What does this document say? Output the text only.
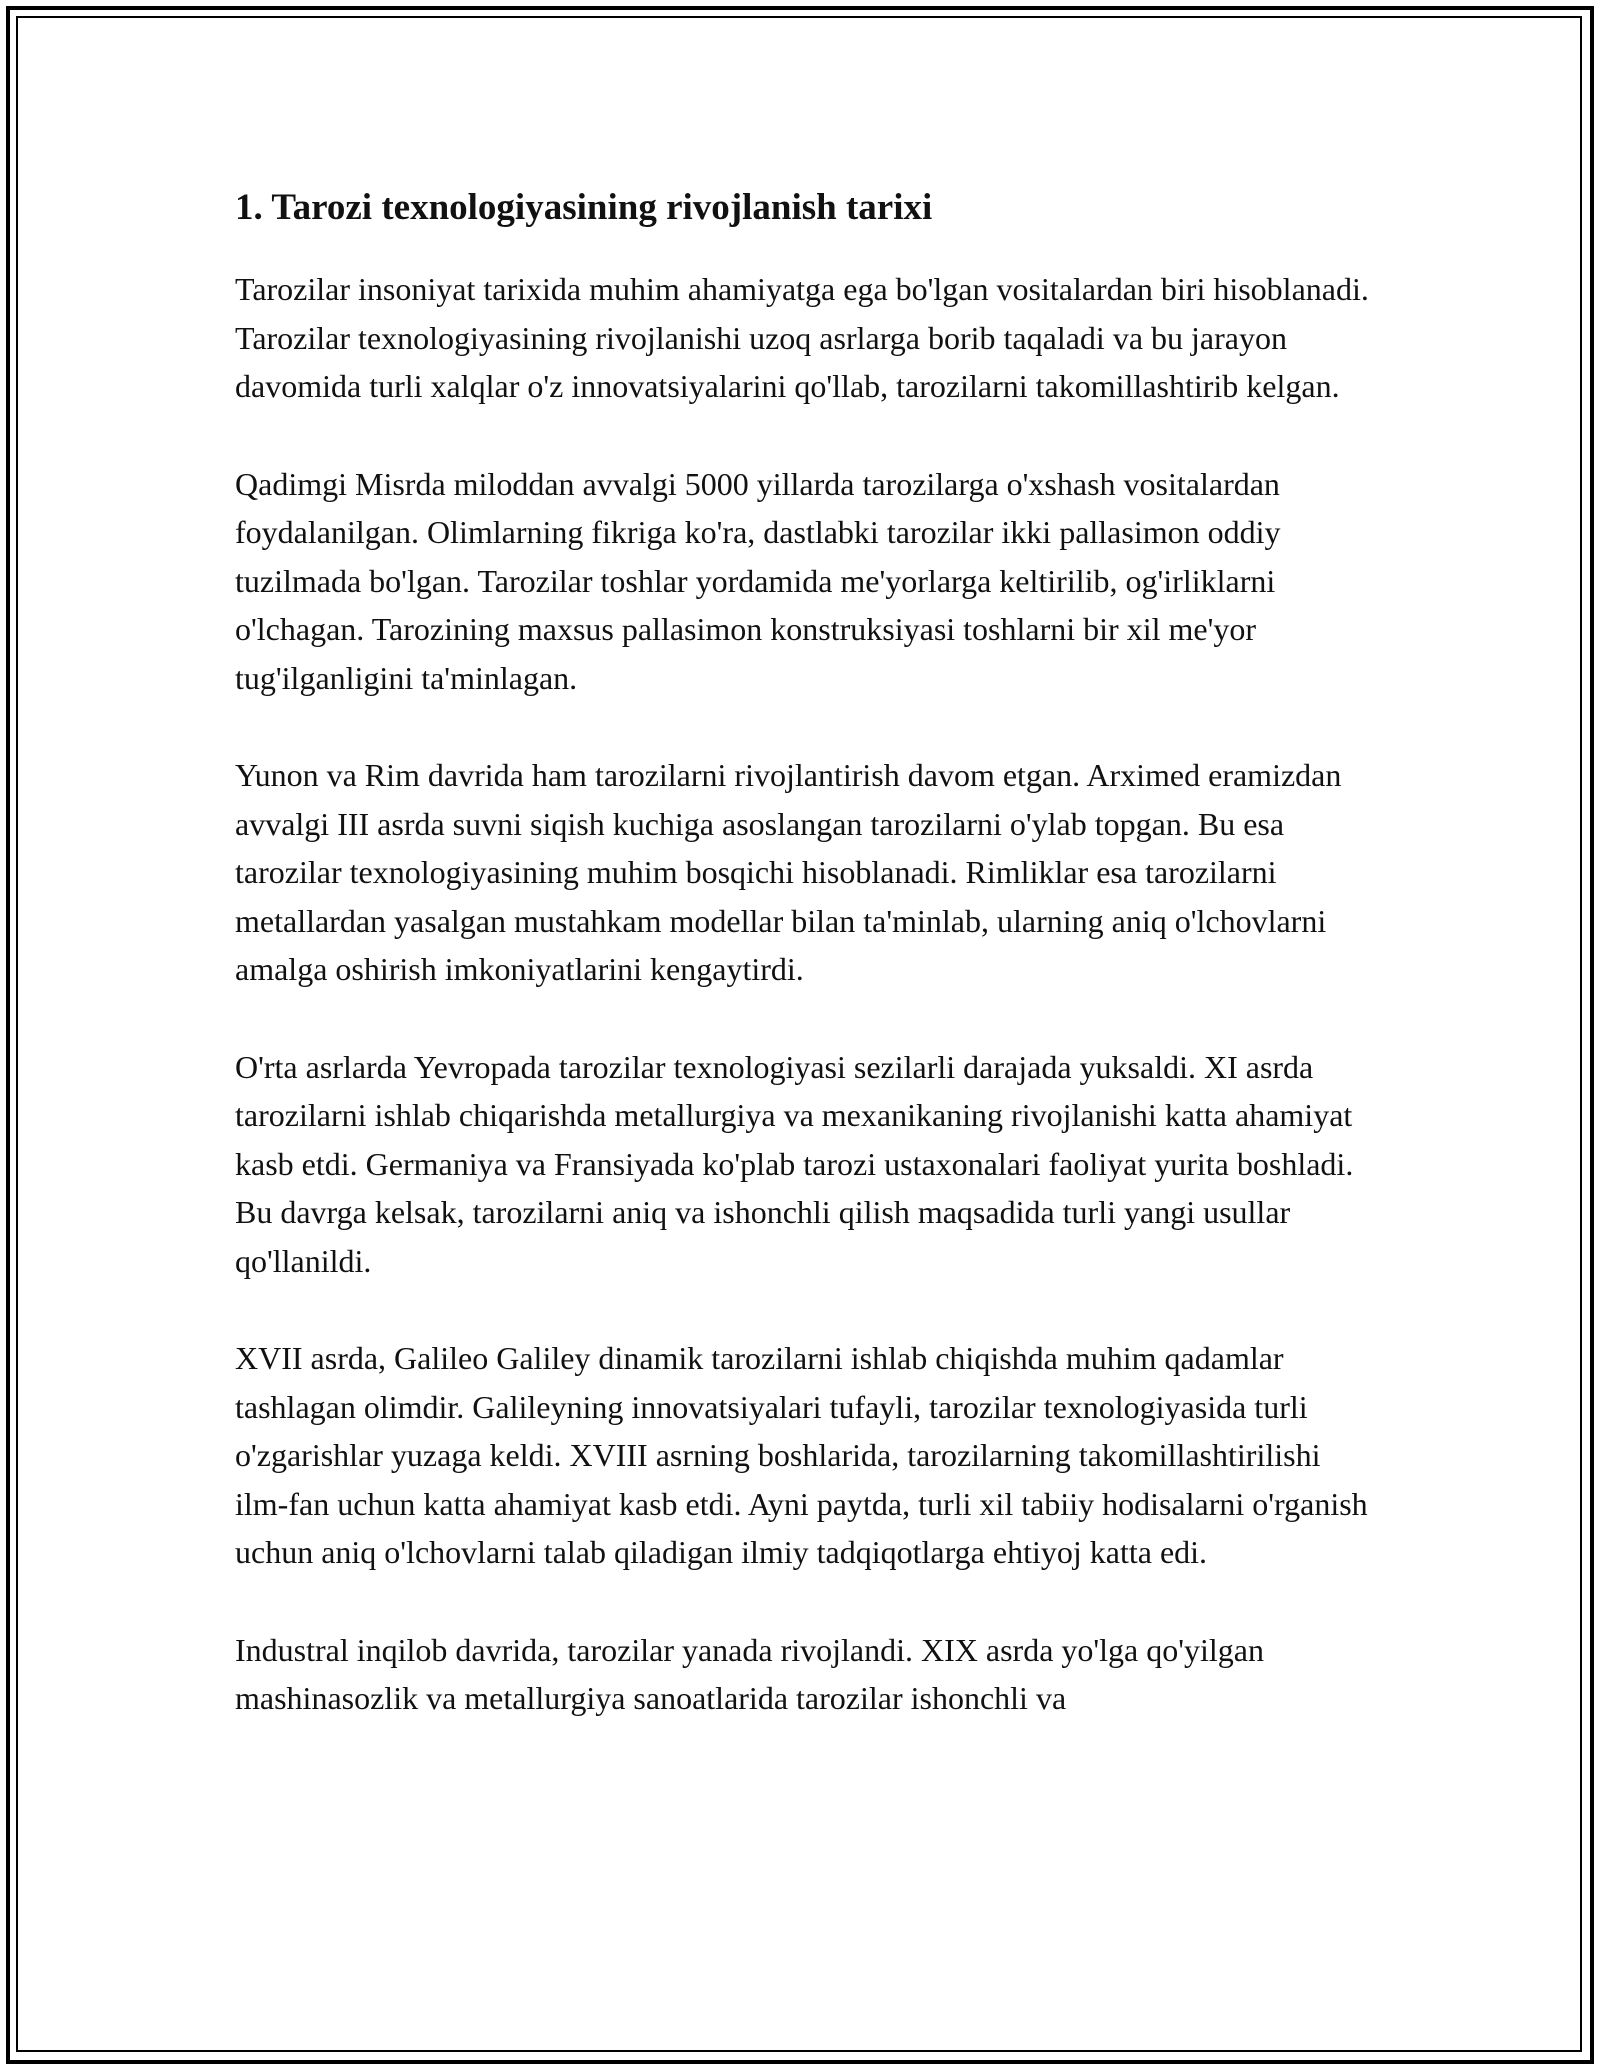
1. Tarozi texnologiyasining rivojlanish tarixi

Tarozilar insoniyat tarixida muhim ahamiyatga ega bo'lgan vositalardan biri hisoblanadi. Tarozilar texnologiyasining rivojlanishi uzoq asrlarga borib taqaladi va bu jarayon davomida turli xalqlar o'z innovatsiyalarini qo'llab, tarozilarni takomillashtirib kelgan.

Qadimgi Misrda miloddan avvalgi 5000 yillarda tarozilarga o'xshash vositalardan foydalanilgan. Olimlarning fikriga ko'ra, dastlabki tarozilar ikki pallasimon oddiy tuzilmada bo'lgan. Tarozilar toshlar yordamida me'yorlarga keltirilib, og'irliklarni o'lchagan. Tarozining maxsus pallasimon konstruksiyasi toshlarni bir xil me'yor tug'ilganligini ta'minlagan.

Yunon va Rim davrida ham tarozilarni rivojlantirish davom etgan. Arximed eramizdan avvalgi III asrda suvni siqish kuchiga asoslangan tarozilarni o'ylab topgan. Bu esa tarozilar texnologiyasining muhim bosqichi hisoblanadi. Rimliklar esa tarozilarni metallardan yasalgan mustahkam modellar bilan ta'minlab, ularning aniq o'lchovlarni amalga oshirish imkoniyatlarini kengaytirdi.

O'rta asrlarda Yevropada tarozilar texnologiyasi sezilarli darajada yuksaldi. XI asrda tarozilarni ishlab chiqarishda metallurgiya va mexanikaning rivojlanishi katta ahamiyat kasb etdi. Germaniya va Fransiyada ko'plab tarozi ustaxonalari faoliyat yurita boshladi. Bu davrga kelsak, tarozilarni aniq va ishonchli qilish maqsadida turli yangi usullar qo'llanildi.

XVII asrda, Galileo Galiley dinamik tarozilarni ishlab chiqishda muhim qadamlar tashlagan olimdir. Galileyning innovatsiyalari tufayli, tarozilar texnologiyasida turli o'zgarishlar yuzaga keldi. XVIII asrning boshlarida, tarozilarning takomillashtirilishi ilm-fan uchun katta ahamiyat kasb etdi. Ayni paytda, turli xil tabiiy hodisalarni o'rganish uchun aniq o'lchovlarni talab qiladigan ilmiy tadqiqotlarga ehtiyoj katta edi.

Industral inqilob davrida, tarozilar yanada rivojlandi. XIX asrda yo'lga qo'yilgan mashinasozlik va metallurgiya sanoatlarida tarozilar ishonchli va
